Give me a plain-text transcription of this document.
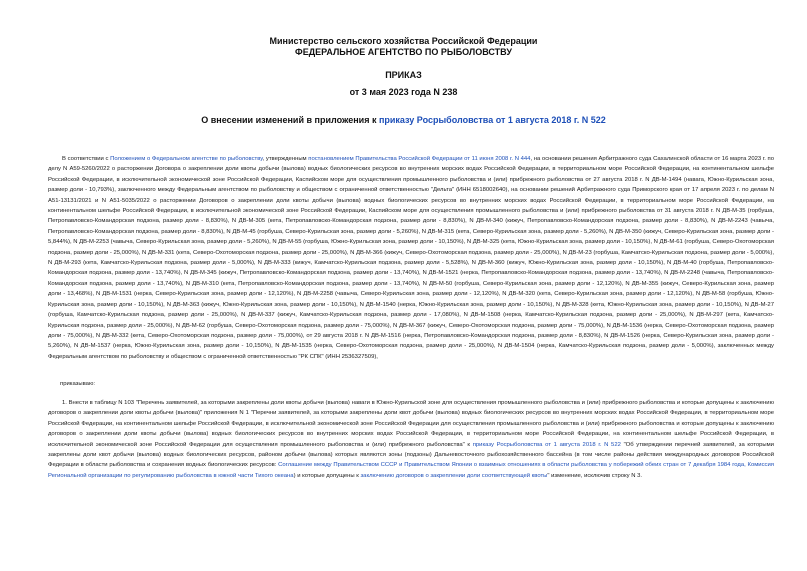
Министерство сельского хозяйства Российской Федерации
ФЕДЕРАЛЬНОЕ АГЕНТСТВО ПО РЫБОЛОВСТВУ
ПРИКАЗ
от 3 мая 2023 года N 238
О внесении изменений в приложения к приказу Росрыболовства от 1 августа 2018 г. N 522
В соответствии с Положением о Федеральном агентстве по рыболовству, утвержденным постановлением Правительства Российской Федерации от 11 июня 2008 г. N 444, на основании решения Арбитражного суда Сахалинской области от 16 марта 2023 г. по делу N А59-5260/2022 о расторжении Договора о закреплении доли квоты добычи (вылова) водных биологических ресурсов во внутренних морских водах Российской Федерации, в территориальном море Российской Федерации, на континентальном шельфе Российской Федерации, в исключительной экономической зоне Российской Федерации, Каспийском море для осуществления промышленного рыболовства и (или) прибрежного рыболовства от 27 августа 2018 г. N ДВ-М-1494 (навага, Южно-Курильская зона, размер доли - 10,793%), заключенного между Федеральным агентством по рыболовству и обществом с ограниченной ответственностью "Дельта" (ИНН 6518002640), на основании решений Арбитражного суда Приморского края от 17 апреля 2023 г. по делам N А51-13131/2021 и N А51-5035/2022 о расторжении Договоров о закреплении доли квоты добычи (вылова) водных биологических ресурсов во внутренних морских водах Российской Федерации, в территориальном море Российской Федерации, на континентальном шельфе Российской Федерации, в исключительной экономической зоне Российской Федерации, Каспийском море для осуществления промышленного рыболовства и (или) прибрежного рыболовства от 31 августа 2018 г. N ДВ-М-35 (горбуша, Петропавловско-Командорская подзона, размер доли - 8,830%), N ДВ-М-305 (кета, Петропавловско-Командорская подзона, размер доли - 8,830%), N ДВ-М-340 (кижуч, Петропавловско-Командорская подзона, размер доли - 8,830%), N ДВ-М-2243 (чавыча, Петропавловско-Командорская подзона, размер доли - 8,830%), N ДВ-М-45 (горбуша, Северо-Курильская зона, размер доли - 5,260%), N ДВ-М-315 (кета, Северо-Курильская зона, размер доли - 5,260%), N ДВ-М-350 (кижуч, Северо-Курильская зона, размер доли - 5,844%), N ДВ-М-2253 (чавыча, Северо-Курильская зона, размер доли - 5,260%), N ДВ-М-55 (горбуша, Южно-Курильская зона, размер доли - 10,150%), N ДВ-М-325 (кета, Южно-Курильская зона, размер доли - 10,150%), N ДВ-М-61 (горбуша, Северо-Охотоморская подзона, размер доли - 25,000%), N ДВ-М-331 (кета, Северо-Охотоморская подзона, размер доли - 25,000%), N ДВ-М-366 (кижуч, Северо-Охотоморская подзона, размер доли - 25,000%), N ДВ-М-23 (горбуша, Камчатско-Курильская подзона, размер доли - 5,000%), N ДВ-М-293 (кета, Камчатско-Курильская подзона, размер доли - 5,000%), N ДВ-М-333 (кижуч, Камчатско-Курильская подзона, размер доли - 5,528%), N ДВ-М-360 (кижуч, Южно-Курильская зона, размер доли - 10,150%), N ДВ-М-40 (горбуша, Петропавловско-Командорская подзона, размер доли - 13,740%), N ДВ-М-345 (кижуч, Петропавловско-Командорская подзона, размер доли - 13,740%), N ДВ-М-1521 (нерка, Петропавловско-Командорская подзона, размер доли - 13,740%), N ДВ-М-2248 (чавыча, Петропавловско-Командорская подзона, размер доли - 13,740%), N ДВ-М-310 (кета, Петропавловско-Командорская подзона, размер доли - 13,740%), N ДВ-М-50 (горбуша, Северо-Курильская зона, размер доли - 12,120%), N ДВ-М-355 (кижуч, Северо-Курильская зона, размер доли - 13,468%), N ДВ-М-1531 (нерка, Северо-Курильская зона, размер доли - 12,120%), N ДВ-М-2258 (чавыча, Северо-Курильская зона, размер доли - 12,120%), N ДВ-М-320 (кета, Северо-Курильская зона, размер доли - 12,120%), N ДВ-М-58 (горбуша, Южно-Курильская зона, размер доли - 10,150%), N ДВ-М-363 (кижуч, Южно-Курильская зона, размер доли - 10,150%), N ДВ-М-1540 (нерка, Южно-Курильская зона, размер доли - 10,150%), N ДВ-М-328 (кета, Южно-Курильская зона, размер доли - 10,150%), N ДВ-М-27 (горбуша, Камчатско-Курильская подзона, размер доли - 25,000%), N ДВ-М-337 (кижуч, Камчатско-Курильская подзона, размер доли - 17,080%), N ДВ-М-1508 (нерка, Камчатско-Курильская подзона, размер доли - 25,000%), N ДВ-М-297 (кета, Камчатско-Курильская подзона, размер доли - 25,000%), N ДВ-М-62 (горбуша, Северо-Охотоморская подзона, размер доли - 75,000%), N ДВ-М-367 (кижуч, Северо-Охотоморская подзона, размер доли - 75,000%), N ДВ-М-1536 (нерка, Северо-Охотоморская подзона, размер доли - 75,000%), N ДВ-М-332 (кета, Северо-Охотоморская подзона, размер доли - 75,000%), от 29 августа 2018 г. N ДВ-М-1516 (нерка, Петропавловско-Командорская подзона, размер доли - 8,830%), N ДВ-М-1526 (нерка, Северо-Курильская зона, размер доли - 5,260%), N ДВ-М-1537 (нерка, Южно-Курильская зона, размер доли - 10,150%), N ДВ-М-1535 (нерка, Северо-Охотоморская подзона, размер доли - 25,000%), N ДВ-М-1504 (нерка, Камчатско-Курильская подзона, размер доли - 5,000%), заключенных между Федеральным агентством по рыболовству и обществом с ограниченной ответственностью "РК СПК" (ИНН 2536327509),
приказываю:
1. Внести в таблицу N 103 "Перечень заявителей, за которыми закреплены доли квоты добычи (вылова) наваги в Южно-Курильской зоне для осуществления промышленного рыболовства и (или) прибрежного рыболовства и которые допущены к заключению договоров о закреплении доли квоты добычи (вылова)" приложения N 1 "Перечни заявителей, за которыми закреплены доли квот добычи (вылова) водных биологических ресурсов во внутренних морских водах Российской Федерации, в территориальном море Российской Федерации, на континентальном шельфе Российской Федерации, в исключительной экономической зоне Российской Федерации для осуществления промышленного рыболовства и (или) прибрежного рыболовства и которые допущены к заключению договоров о закреплении доли квоты добычи (вылова) водных биологических ресурсов во внутренних морских водах Российской Федерации, в территориальном море Российской Федерации, на континентальном шельфе Российской Федерации, в исключительной экономической зоне Российской Федерации для осуществления промышленного рыболовства и (или) прибрежного рыболовства" к приказу Росрыболовства от 1 августа 2018 г. N 522 "Об утверждении перечней заявителей, за которыми закреплены доли квот добычи (вылова) водных биологических ресурсов, районом добычи (вылова) которых являются зоны (подзоны) Дальневосточного рыбохозяйственного бассейна (в том числе районы действия международных договоров Российской Федерации в области рыболовства и сохранения водных биологических ресурсов: Соглашение между Правительством СССР и Правительством Японии о взаимных отношениях в области рыболовства у побережий обеих стран от 7 декабря 1984 года, Комиссия Региональной организации по регулированию рыболовства в южной части Тихого океана) и которые допущены к заключению договоров о закреплении доли соответствующей квоты" изменение, исключив строку N 3.
